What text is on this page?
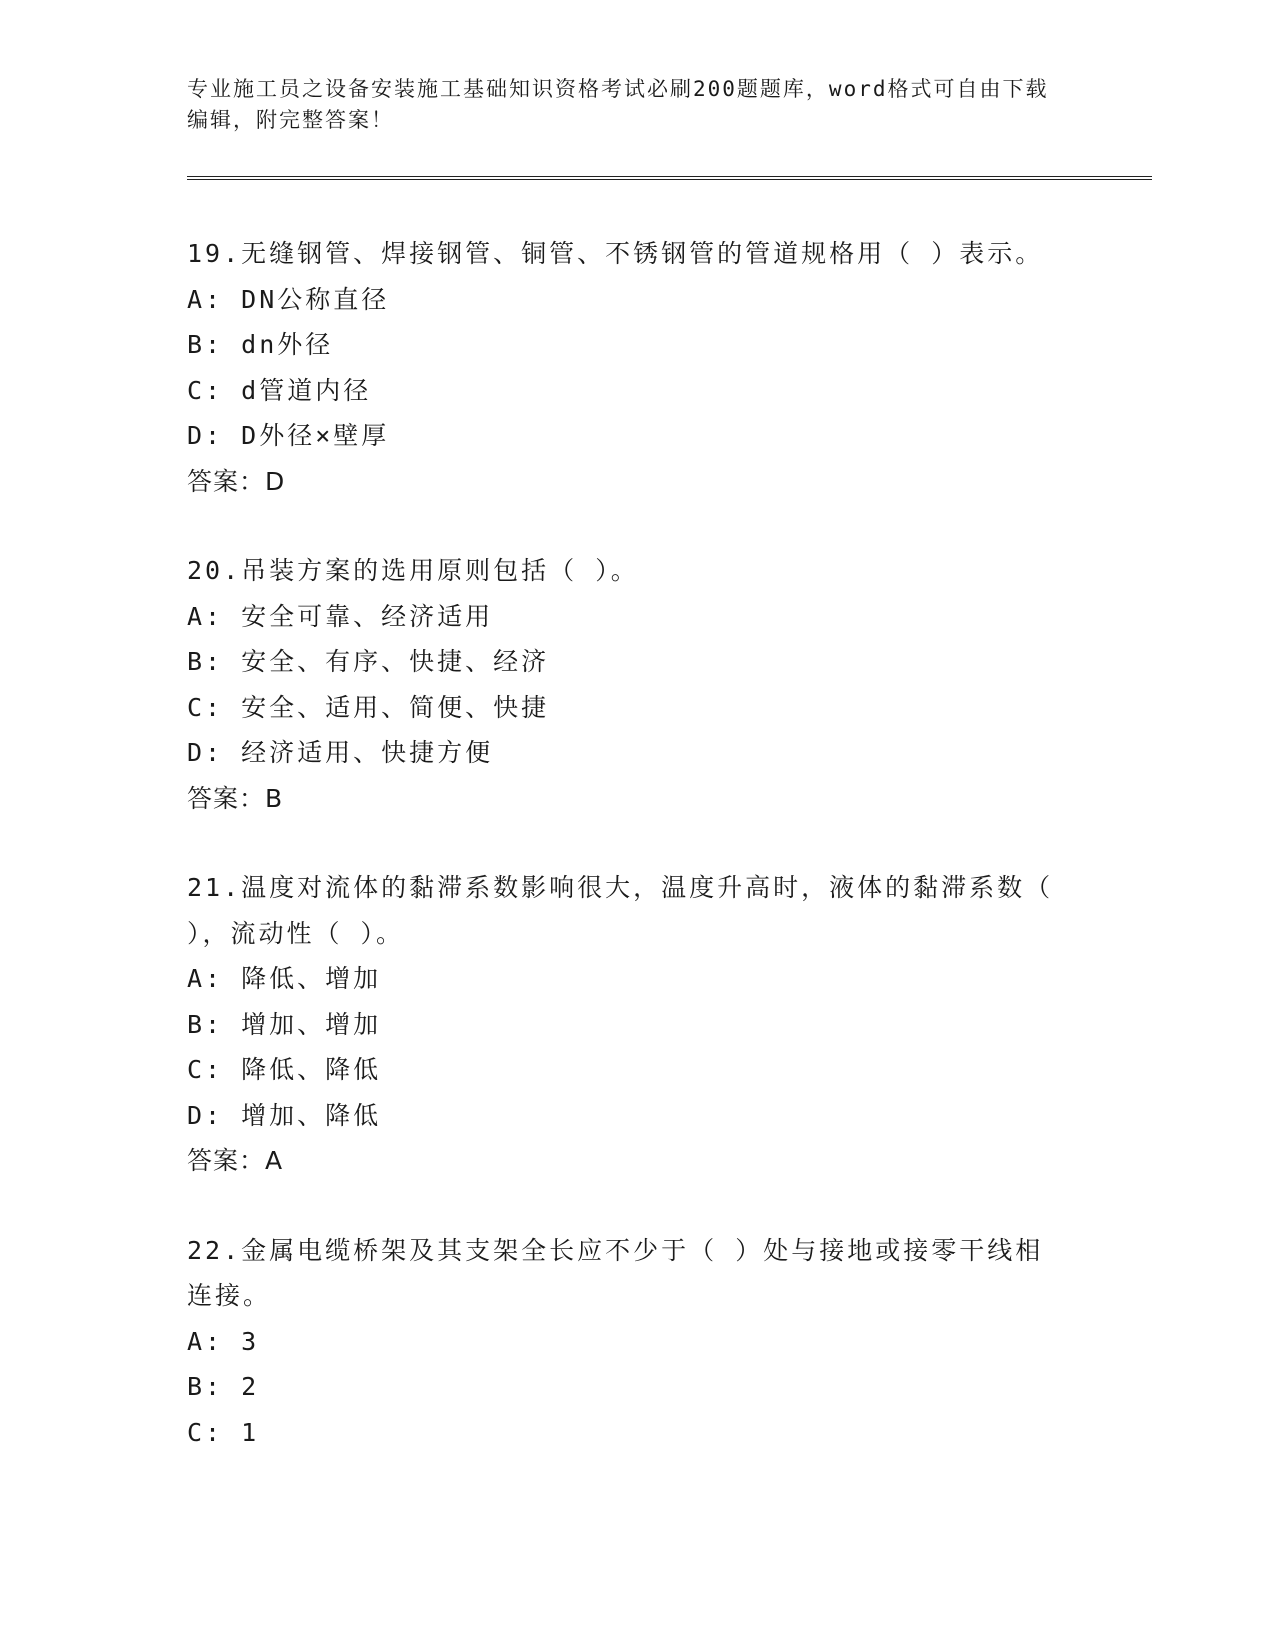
专业施工员之设备安装施工基础知识资格考试必刷200题题库，word格式可自由下载编辑，附完整答案！
19.无缝钢管、焊接钢管、铜管、不锈钢管的管道规格用（ ）表示。
A: DN公称直径
B: dn外径
C: d管道内径
D: D外径×壁厚
答案：D
20.吊装方案的选用原则包括（ ）。
A: 安全可靠、经济适用
B: 安全、有序、快捷、经济
C: 安全、适用、简便、快捷
D: 经济适用、快捷方便
答案：B
21.温度对流体的黏滞系数影响很大，温度升高时，液体的黏滞系数（ ），流动性（ ）。
A: 降低、增加
B: 增加、增加
C: 降低、降低
D: 增加、降低
答案：A
22.金属电缆桥架及其支架全长应不少于（ ）处与接地或接零干线相连接。
A: 3
B: 2
C: 1
